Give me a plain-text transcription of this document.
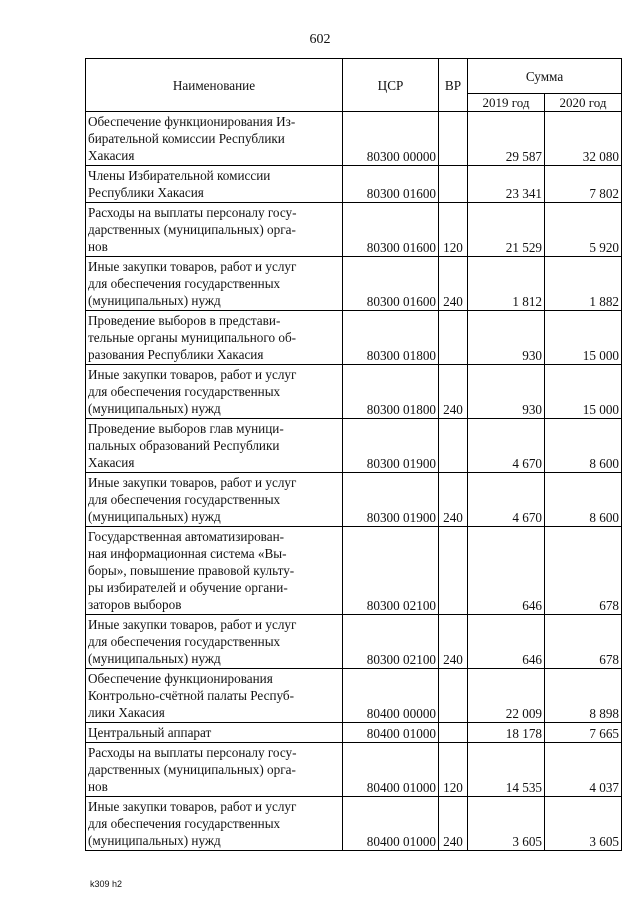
602
Наименование	ЦСР	ВР	Сумма	
			2019 год	2020 год
Обеспечение функционирования Из-
бирательной комиссии Республики
Хакасия	80300 00000		29 587	32 080
Члены Избирательной комиссии
Республики Хакасия	80300 01600		23 341	7 802
Расходы на выплаты персоналу госу-
дарственных (муниципальных) орга-
нов	80300 01600	120	21 529	5 920
Иные закупки товаров, работ и услуг
для обеспечения государственных
(муниципальных) нужд	80300 01600	240	1 812	1 882
Проведение выборов в представи-
тельные органы муниципального об-
разования Республики Хакасия	80300 01800		930	15 000
Иные закупки товаров, работ и услуг
для обеспечения государственных
(муниципальных) нужд	80300 01800	240	930	15 000
Проведение выборов глав муници-
пальных образований Республики
Хакасия	80300 01900		4 670	8 600
Иные закупки товаров, работ и услуг
для обеспечения государственных
(муниципальных) нужд	80300 01900	240	4 670	8 600
Государственная автоматизирован-
ная информационная система «Вы-
боры», повышение правовой культу-
ры избирателей и обучение органи-
заторов выборов	80300 02100		646	678
Иные закупки товаров, работ и услуг
для обеспечения государственных
(муниципальных) нужд	80300 02100	240	646	678
Обеспечение функционирования
Контрольно-счётной палаты Респуб-
лики Хакасия	80400 00000		22 009	8 898
Центральный аппарат	80400 01000		18 178	7 665
Расходы на выплаты персоналу госу-
дарственных (муниципальных) орга-
нов	80400 01000	120	14 535	4 037
Иные закупки товаров, работ и услуг
для обеспечения государственных
(муниципальных) нужд	80400 01000	240	3 605	3 605
k309 h2
